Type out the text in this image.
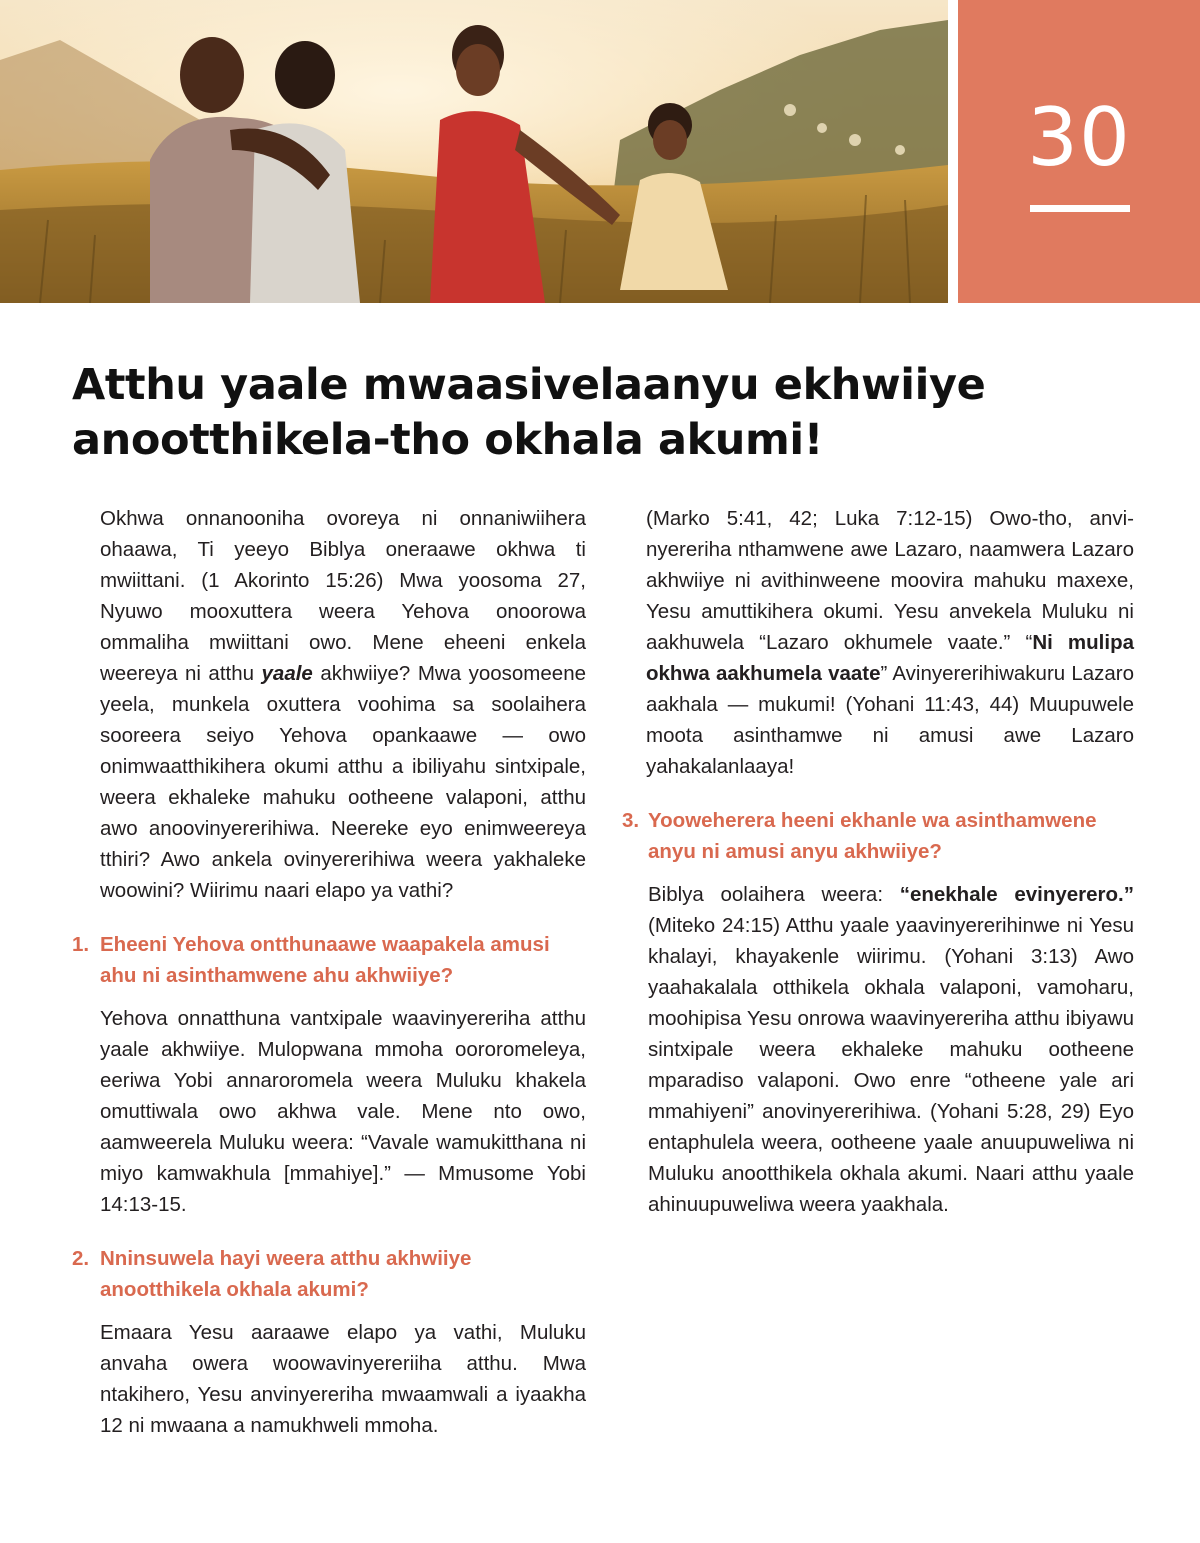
30
Atthu yaale mwaasivelaanyu ekhwiiye anootthikela-tho okhala akumi!

Okhwa onnanooniha ovoreya ni onnaniwiihera ohaawa, Ti yeeyo Biblya oneraawe okhwa ti mwiittani. (1 Akorinto 15:26) Mwa yoosoma 27, Nyuwo mooxuttera weera Yehova onoorowa ommaliha mwiittani owo. Mene eheeni enkela weereya ni atthu yaale akhwiiye? Mwa yoosomeene yeela, munkela oxuttera voohima sa soolaihera sooreera seiyo Yehova opankaawe — owo onimwaatthikihera okumi atthu a ibiliyahu sintxipale, weera ekhaleke mahuku ootheene valaponi, atthu awo anoovinyererihiwa. Neereke eyo enimweereya tthiri? Awo ankela ovinyererihiwa weera yakhaleke woowini? Wiirimu naari elapo ya vathi?

1. Eheeni Yehova ontthunaawe waapakela amusi ahu ni asinthamwene ahu akhwiiye?

Yehova onnatthuna vantxipale waavinyereriha atthu yaale akhwiiye. Mulopwana mmoha oororomeleya, eeriwa Yobi annaroromela weera Muluku khakela omuttiwala owo akhwa vale. Mene nto owo, aamweerela Muluku weera: “Vavale wamukitthana ni miyo kamwakhula [mmahiye].” — Mmusome Yobi 14:13-15.

2. Nninsuwela hayi weera atthu akhwiiye anootthikela okhala akumi?

Emaara Yesu aaraawe elapo ya vathi, Muluku anvaha owera woowavinyereriiha atthu. Mwa ntakihero, Yesu anvinyereriha mwaamwali a iyaakha 12 ni mwaana a namukhweli mmoha.

(Marko 5:41, 42; Luka 7:12-15) Owo-tho, anvinyereriha nthamwene awe Lazaro, naamwera Lazaro akhwiiye ni avithinweene moovira mahuku maxexe, Yesu amuttikihera okumi. Yesu anvekela Muluku ni aakhuwela “Lazaro okhumele vaate.” “Ni mulipa okhwa aakhumela vaate” Avinyererihiwakuru Lazaro aakhala — mukumi! (Yohani 11:43, 44) Muupuwele moota asinthamwe ni amusi awe Lazaro yahakalanlaaya!

3. Yooweherera heeni ekhanle wa asinthamwene anyu ni amusi anyu akhwiiye?

Biblya oolaihera weera: “enekhale evinyerero.” (Miteko 24:15) Atthu yaale yaavinyererihinwe ni Yesu khalayi, khayakenle wiirimu. (Yohani 3:13) Awo yaahakalala otthikela okhala valaponi, vamoharu, moohipisa Yesu onrowa waavinyereriha atthu ibiyawu sintxipale weera ekhaleke mahuku ootheene mparadiso valaponi. Owo enre “otheene yale ari mmahiyeni” anovinyererihiwa. (Yohani 5:28, 29) Eyo entaphulela weera, ootheene yaale anuupuweliwa ni Muluku anootthikela okhala akumi. Naari atthu yaale ahinuupuweliwa weera yaakhala.
